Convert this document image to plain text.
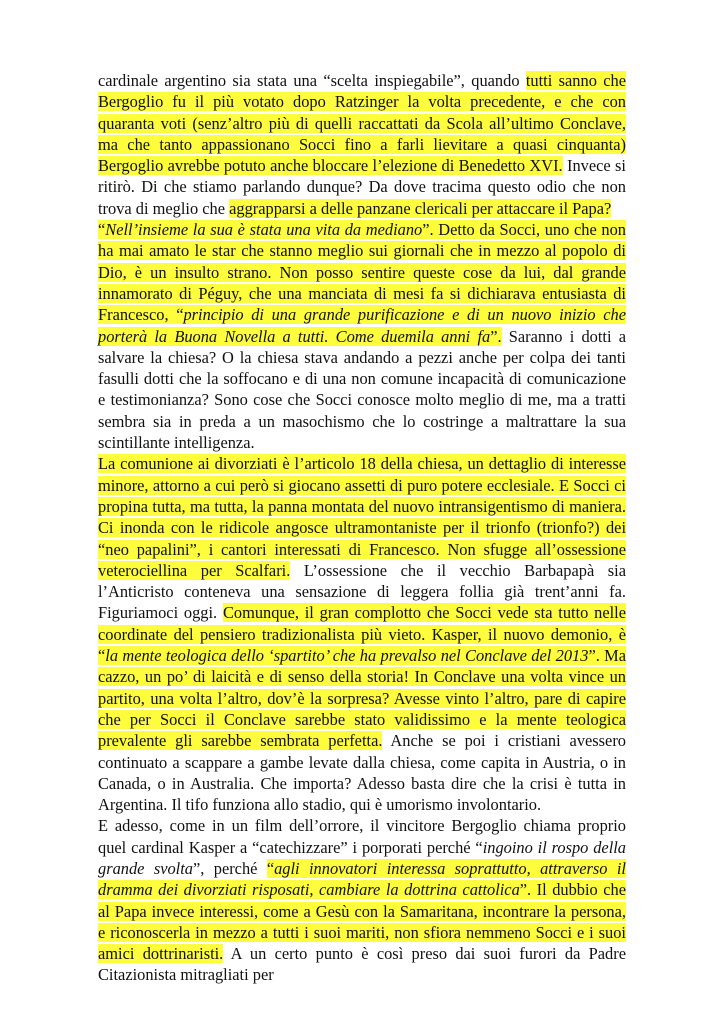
cardinale argentino sia stata una “scelta inspiegabile”, quando tutti sanno che Bergoglio fu il più votato dopo Ratzinger la volta precedente, e che con quaranta voti (senz’altro più di quelli raccattati da Scola all’ultimo Conclave, ma che tanto appassionano Socci fino a farli lievitare a quasi cinquanta) Bergoglio avrebbe potuto anche bloccare l’elezione di Benedetto XVI. Invece si ritirò. Di che stiamo parlando dunque? Da dove tracima questo odio che non trova di meglio che aggrapparsi a delle panzane clericali per attaccare il Papa?

“Nell’insieme la sua è stata una vita da mediano”. Detto da Socci, uno che non ha mai amato le star che stanno meglio sui giornali che in mezzo al popolo di Dio, è un insulto strano. Non posso sentire queste cose da lui, dal grande innamorato di Péguy, che una manciata di mesi fa si dichiarava entusiasta di Francesco, “principio di una grande purificazione e di un nuovo inizio che porterà la Buona Novella a tutti. Come duemila anni fa”. Saranno i dotti a salvare la chiesa? O la chiesa stava andando a pezzi anche per colpa dei tanti fasulli dotti che la soffocano e di una non comune incapacità di comunicazione e testimonianza? Sono cose che Socci conosce molto meglio di me, ma a tratti sembra sia in preda a un masochismo che lo costringe a maltrattare la sua scintillante intelligenza.

La comunione ai divorziati è l’articolo 18 della chiesa, un dettaglio di interesse minore, attorno a cui però si giocano assetti di puro potere ecclesiale. E Socci ci propina tutta, ma tutta, la panna montata del nuovo intransigentismo di maniera. Ci inonda con le ridicole angosce ultramontaniste per il trionfo (trionfo?) dei “neo papalini”, i cantori interessati di Francesco. Non sfugge all’ossessione veterociellina per Scalfari. L’ossessione che il vecchio Barbapapà sia l’Anticristo conteneva una sensazione di leggera follia già trent’anni fa. Figuriamoci oggi. Comunque, il gran complotto che Socci vede sta tutto nelle coordinate del pensiero tradizionalista più vieto. Kasper, il nuovo demonio, è “la mente teologica dello ‘spartito’ che ha prevalso nel Conclave del 2013”. Ma cazzo, un po’ di laicità e di senso della storia! In Conclave una volta vince un partito, una volta l’altro, dov’è la sorpresa? Avesse vinto l’altro, pare di capire che per Socci il Conclave sarebbe stato validissimo e la mente teologica prevalente gli sarebbe sembrata perfetta. Anche se poi i cristiani avessero continuato a scappare a gambe levate dalla chiesa, come capita in Austria, o in Canada, o in Australia. Che importa? Adesso basta dire che la crisi è tutta in Argentina. Il tifo funziona allo stadio, qui è umorismo involontario.

E adesso, come in un film dell’orrore, il vincitore Bergoglio chiama proprio quel cardinal Kasper a “catechizzare” i porporati perché “ingoino il rospo della grande svolta”, perché “agli innovatori interessa soprattutto, attraverso il dramma dei divorziati risposati, cambiare la dottrina cattolica”. Il dubbio che al Papa invece interessi, come a Gesù con la Samaritana, incontrare la persona, e riconoscerla in mezzo a tutti i suoi mariti, non sfiora nemmeno Socci e i suoi amici dottrinaristi. A un certo punto è così preso dai suoi furori da Padre Citazionista mitragliati per
